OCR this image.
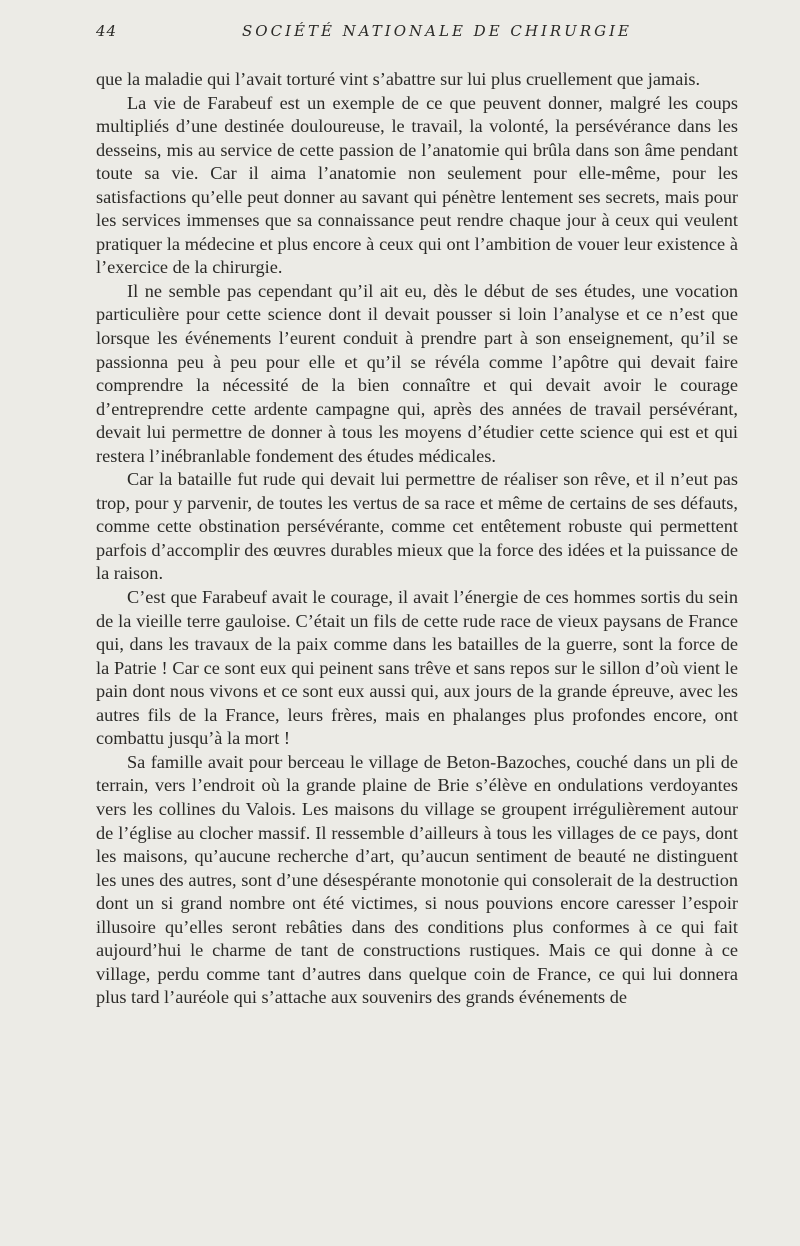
44	SOCIÉTÉ NATIONALE DE CHIRURGIE

que la maladie qui l’avait torturé vint s’abattre sur lui plus cruellement que jamais.

La vie de Farabeuf est un exemple de ce que peuvent donner, malgré les coups multipliés d’une destinée douloureuse, le travail, la volonté, la persévérance dans les desseins, mis au service de cette passion de l’anatomie qui brûla dans son âme pendant toute sa vie. Car il aima l’anatomie non seulement pour elle-même, pour les satisfactions qu’elle peut donner au savant qui pénètre lentement ses secrets, mais pour les services immenses que sa connaissance peut rendre chaque jour à ceux qui veulent pratiquer la médecine et plus encore à ceux qui ont l’ambition de vouer leur existence à l’exercice de la chirurgie.

Il ne semble pas cependant qu’il ait eu, dès le début de ses études, une vocation particulière pour cette science dont il devait pousser si loin l’analyse et ce n’est que lorsque les événements l’eurent conduit à prendre part à son enseignement, qu’il se passionna peu à peu pour elle et qu’il se révéla comme l’apôtre qui devait faire comprendre la nécessité de la bien connaître et qui devait avoir le courage d’entreprendre cette ardente campagne qui, après des années de travail persévérant, devait lui permettre de donner à tous les moyens d’étudier cette science qui est et qui restera l’inébranlable fondement des études médicales.

Car la bataille fut rude qui devait lui permettre de réaliser son rêve, et il n’eut pas trop, pour y parvenir, de toutes les vertus de sa race et même de certains de ses défauts, comme cette obstination persévérante, comme cet entêtement robuste qui permettent parfois d’accomplir des œuvres durables mieux que la force des idées et la puissance de la raison.

C’est que Farabeuf avait le courage, il avait l’énergie de ces hommes sortis du sein de la vieille terre gauloise. C’était un fils de cette rude race de vieux paysans de France qui, dans les travaux de la paix comme dans les batailles de la guerre, sont la force de la Patrie ! Car ce sont eux qui peinent sans trêve et sans repos sur le sillon d’où vient le pain dont nous vivons et ce sont eux aussi qui, aux jours de la grande épreuve, avec les autres fils de la France, leurs frères, mais en phalanges plus profondes encore, ont combattu jusqu’à la mort !

Sa famille avait pour berceau le village de Beton-Bazoches, couché dans un pli de terrain, vers l’endroit où la grande plaine de Brie s’élève en ondulations verdoyantes vers les collines du Valois. Les maisons du village se groupent irrégulièrement autour de l’église au clocher massif. Il ressemble d’ailleurs à tous les villages de ce pays, dont les maisons, qu’aucune recherche d’art, qu’aucun sentiment de beauté ne distinguent les unes des autres, sont d’une désespérante monotonie qui consolerait de la destruction dont un si grand nombre ont été victimes, si nous pouvions encore caresser l’espoir illusoire qu’elles seront rebâties dans des conditions plus conformes à ce qui fait aujourd’hui le charme de tant de constructions rustiques. Mais ce qui donne à ce village, perdu comme tant d’autres dans quelque coin de France, ce qui lui donnera plus tard l’auréole qui s’attache aux souvenirs des grands événements de
